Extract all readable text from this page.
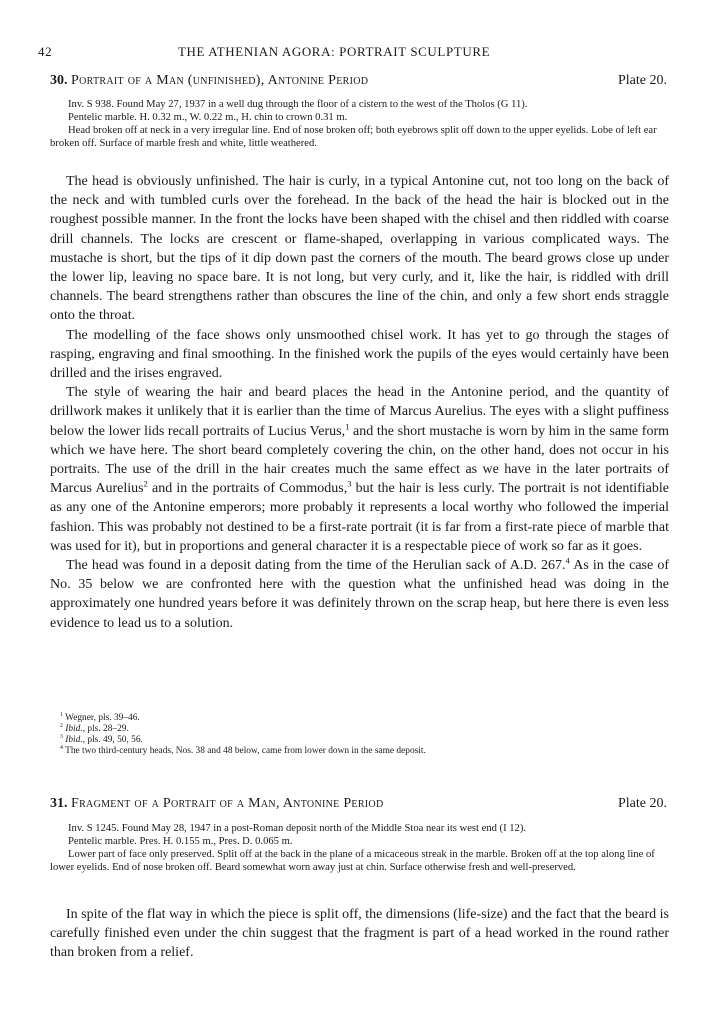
42	THE ATHENIAN AGORA: PORTRAIT SCULPTURE
30. Portrait of a Man (unfinished), Antonine Period	Plate 20.

Inv. S 938. Found May 27, 1937 in a well dug through the floor of a cistern to the west of the Tholos (G 11).

Pentelic marble. H. 0.32 m., W. 0.22 m., H. chin to crown 0.31 m.

Head broken off at neck in a very irregular line. End of nose broken off; both eyebrows split off down to the upper eyelids. Lobe of left ear broken off. Surface of marble fresh and white, little weathered.

The head is obviously unfinished. The hair is curly, in a typical Antonine cut, not too long on the back of the neck and with tumbled curls over the forehead. In the back of the head the hair is blocked out in the roughest possible manner. In the front the locks have been shaped with the chisel and then riddled with coarse drill channels. The locks are crescent or flame-shaped, overlapping in various complicated ways. The mustache is short, but the tips of it dip down past the corners of the mouth. The beard grows close up under the lower lip, leaving no space bare. It is not long, but very curly, and it, like the hair, is riddled with drill channels. The beard strengthens rather than obscures the line of the chin, and only a few short ends straggle onto the throat.

The modelling of the face shows only unsmoothed chisel work. It has yet to go through the stages of rasping, engraving and final smoothing. In the finished work the pupils of the eyes would certainly have been drilled and the irises engraved.

The style of wearing the hair and beard places the head in the Antonine period, and the quantity of drillwork makes it unlikely that it is earlier than the time of Marcus Aurelius. The eyes with a slight puffiness below the lower lids recall portraits of Lucius Verus,$^1$ and the short mustache is worn by him in the same form which we have here. The short beard completely covering the chin, on the other hand, does not occur in his portraits. The use of the drill in the hair creates much the same effect as we have in the later portraits of Marcus Aurelius$^2$ and in the portraits of Commodus,$^3$ but the hair is less curly. The portrait is not identifiable as any one of the Antonine emperors; more probably it represents a local worthy who followed the imperial fashion. This was probably not destined to be a first-rate portrait (it is far from a first-rate piece of marble that was used for it), but in proportions and general character it is a respectable piece of work so far as it goes.

The head was found in a deposit dating from the time of the Herulian sack of A.D. 267.$^4$ As in the case of No. 35 below we are confronted here with the question what the unfinished head was doing in the approximately one hundred years before it was definitely thrown on the scrap heap, but here there is even less evidence to lead us to a solution.

$^1$ Wegner, pls. 39–46.
$^2$ Ibid., pls. 28–29.
$^3$ Ibid., pls. 49, 50, 56.
$^4$ The two third-century heads, Nos. 38 and 48 below, came from lower down in the same deposit.
31. Fragment of a Portrait of a Man, Antonine Period	Plate 20.

Inv. S 1245. Found May 28, 1947 in a post-Roman deposit north of the Middle Stoa near its west end (I 12).

Pentelic marble. Pres. H. 0.155 m., Pres. D. 0.065 m.

Lower part of face only preserved. Split off at the back in the plane of a micaceous streak in the marble. Broken off at the top along line of lower eyelids. End of nose broken off. Beard somewhat worn away just at chin. Surface otherwise fresh and well-preserved.

In spite of the flat way in which the piece is split off, the dimensions (life-size) and the fact that the beard is carefully finished even under the chin suggest that the fragment is part of a head worked in the round rather than broken from a relief.
